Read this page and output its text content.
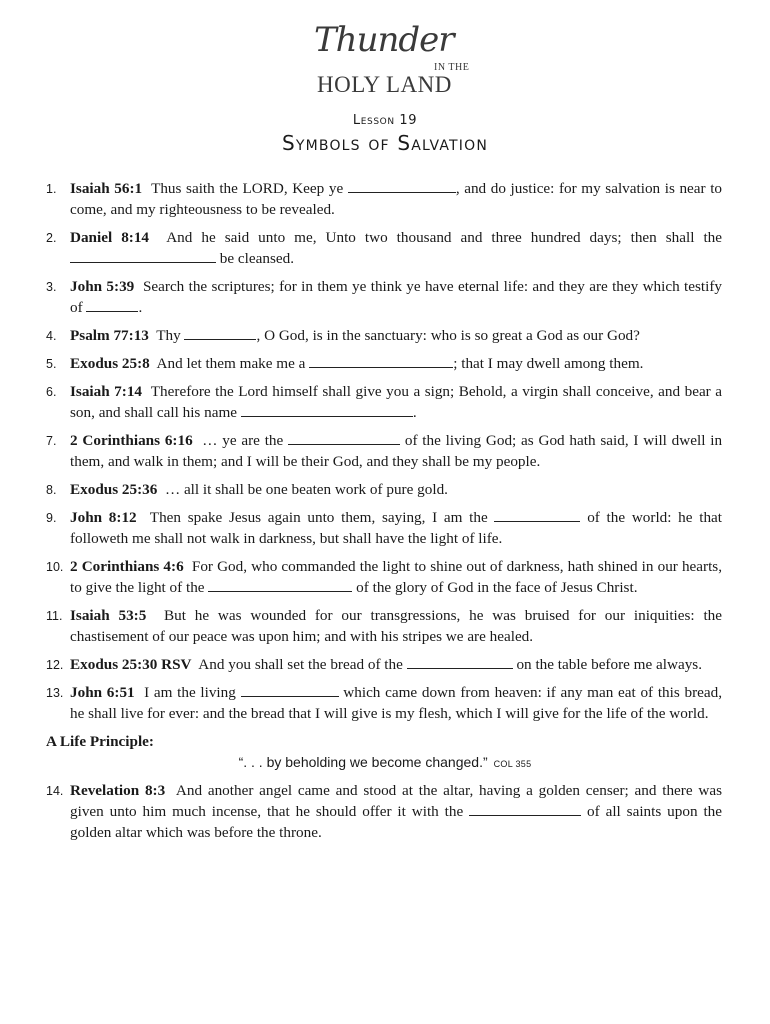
Thunder
IN THE
HOLY LAND
Lesson 19
Symbols of Salvation
1. Isaiah 56:1 Thus saith the LORD, Keep ye	, and do justice: for my salvation is near to come, and my righteousness to be revealed.
2. Daniel 8:14 And he said unto me, Unto two thousand and three hundred days; then shall the  be cleansed.
3. John 5:39 Search the scriptures; for in them ye think ye have eternal life: and they are they which testify of	.
4. Psalm 77:13 Thy	, O God, is in the sanctuary: who is so great a God as our God?
5. Exodus 25:8 And let them make me a	; that I may dwell among them.
6. Isaiah 7:14 Therefore the Lord himself shall give you a sign; Behold, a virgin shall conceive, and bear a son, and shall call his name	.
7. 2 Corinthians 6:16 … ye are the	of the living God; as God hath said, I will dwell in them, and walk in them; and I will be their God, and they shall be my people.
8. Exodus 25:36 … all it shall be one beaten work of pure gold.
9. John 8:12 Then spake Jesus again unto them, saying, I am the	of the world: he that followeth me shall not walk in darkness, but shall have the light of life.
10. 2 Corinthians 4:6 For God, who commanded the light to shine out of darkness, hath shined in our hearts, to give the light of the	of the glory of God in the face of Jesus Christ.
11. Isaiah 53:5 But he was wounded for our transgressions, he was bruised for our iniquities: the chastisement of our peace was upon him; and with his stripes we are healed.
12. Exodus 25:30 RSV And you shall set the bread of the	on the table before me always.
13. John 6:51 I am the living	which came down from heaven: if any man eat of this bread, he shall live for ever: and the bread that I will give is my flesh, which I will give for the life of the world.
A Life Principle:
“. . . by beholding we become changed.” COL 355
14. Revelation 8:3 And another angel came and stood at the altar, having a golden censer; and there was given unto him much incense, that he should offer it with the	of all saints upon the golden altar which was before the throne.
